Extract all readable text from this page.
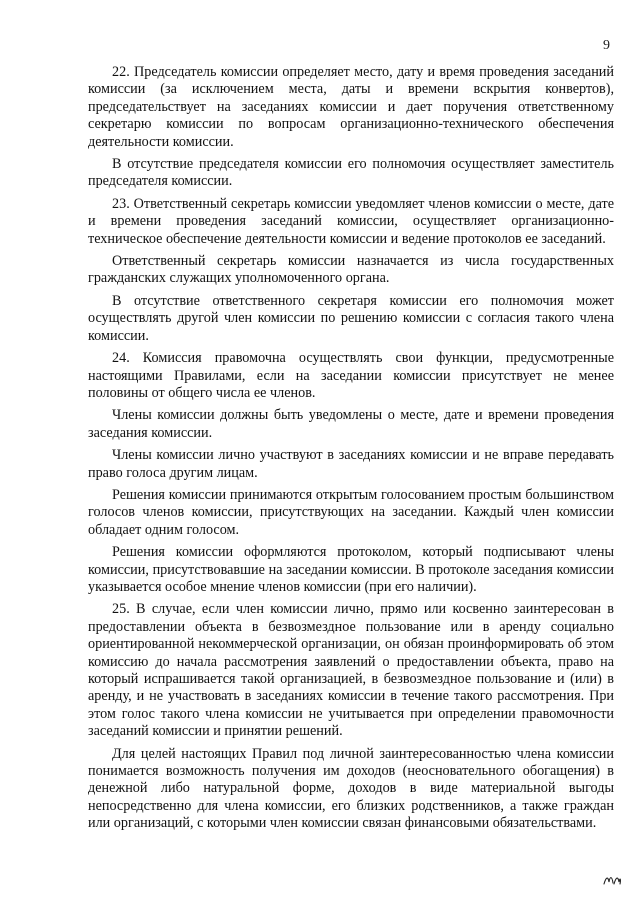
9

22. Председатель комиссии определяет место, дату и время проведения заседаний комиссии (за исключением места, даты и времени вскрытия конвертов), председательствует на заседаниях комиссии и дает поручения ответственному секретарю комиссии по вопросам организационно-технического обеспечения деятельности комиссии.

В отсутствие председателя комиссии его полномочия осуществляет заместитель председателя комиссии.

23. Ответственный секретарь комиссии уведомляет членов комиссии о месте, дате и времени проведения заседаний комиссии, осуществляет организационно-техническое обеспечение деятельности комиссии и ведение протоколов ее заседаний.

Ответственный секретарь комиссии назначается из числа государственных гражданских служащих уполномоченного органа.

В отсутствие ответственного секретаря комиссии его полномочия может осуществлять другой член комиссии по решению комиссии с согласия такого члена комиссии.

24. Комиссия правомочна осуществлять свои функции, предусмотренные настоящими Правилами, если на заседании комиссии присутствует не менее половины от общего числа ее членов.

Члены комиссии должны быть уведомлены о месте, дате и времени проведения заседания комиссии.

Члены комиссии лично участвуют в заседаниях комиссии и не вправе передавать право голоса другим лицам.

Решения комиссии принимаются открытым голосованием простым большинством голосов членов комиссии, присутствующих на заседании. Каждый член комиссии обладает одним голосом.

Решения комиссии оформляются протоколом, который подписывают члены комиссии, присутствовавшие на заседании комиссии. В протоколе заседания комиссии указывается особое мнение членов комиссии (при его наличии).

25. В случае, если член комиссии лично, прямо или косвенно заинтересован в предоставлении объекта в безвозмездное пользование или в аренду социально ориентированной некоммерческой организации, он обязан проинформировать об этом комиссию до начала рассмотрения заявлений о предоставлении объекта, право на который испрашивается такой организацией, в безвозмездное пользование и (или) в аренду, и не участвовать в заседаниях комиссии в течение такого рассмотрения. При этом голос такого члена комиссии не учитывается при определении правомочности заседаний комиссии и принятии решений.

Для целей настоящих Правил под личной заинтересованностью члена комиссии понимается возможность получения им доходов (неосновательного обогащения) в денежной либо натуральной форме, доходов в виде материальной выгоды непосредственно для члена комиссии, его близких родственников, а также граждан или организаций, с которыми член комиссии связан финансовыми обязательствами.
